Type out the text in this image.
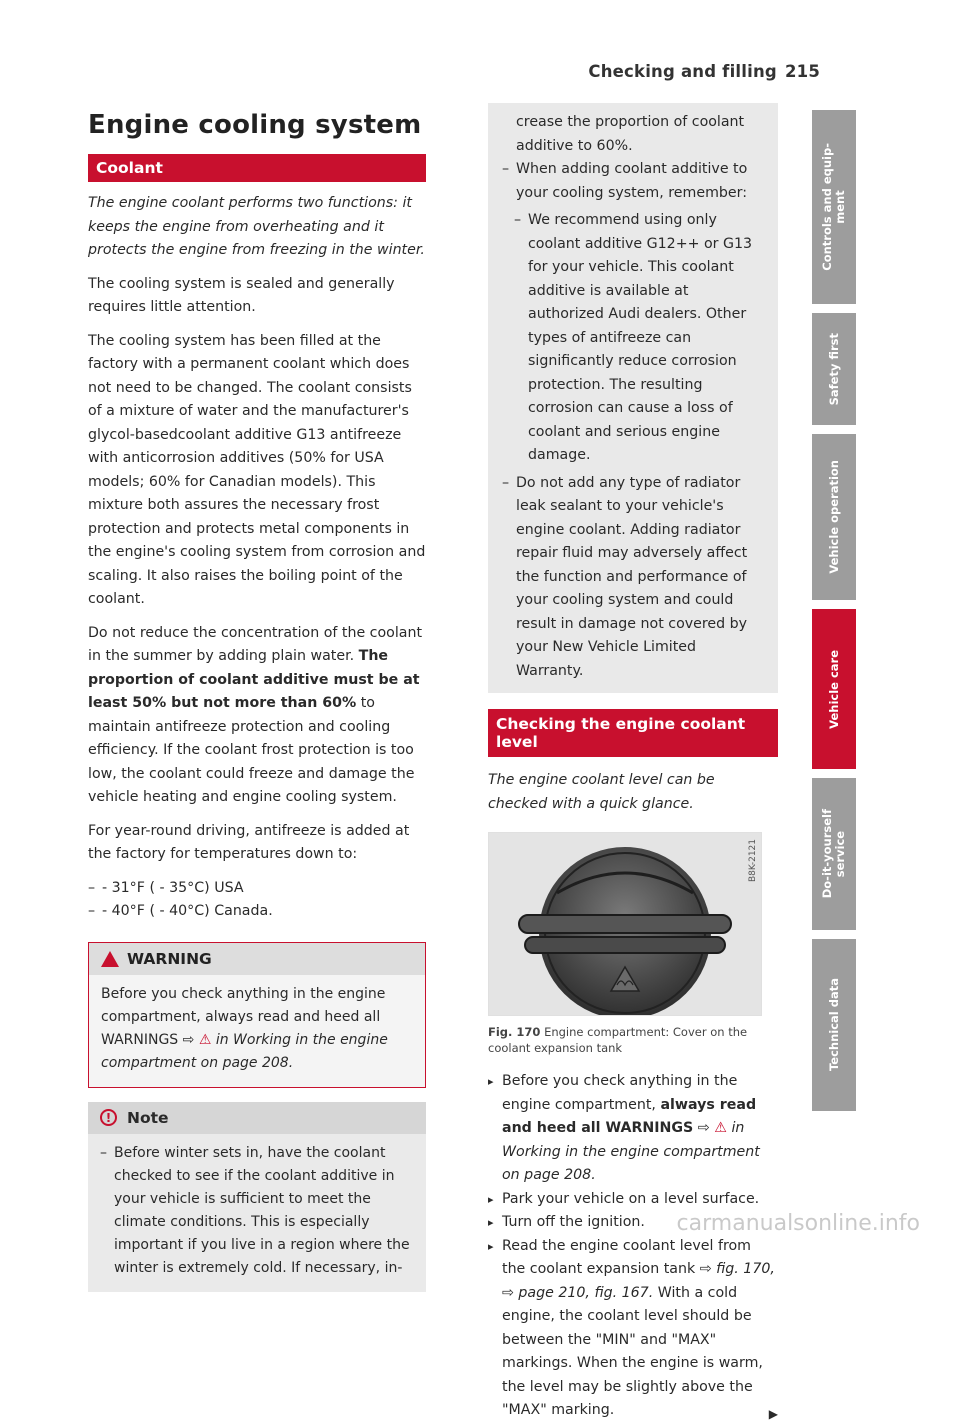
Checking and filling 215
Engine cooling system
Coolant

The engine coolant performs two functions: it keeps the engine from overheating and it protects the engine from freezing in the winter.

The cooling system is sealed and generally requires little attention.

The cooling system has been filled at the factory with a permanent coolant which does not need to be changed. The coolant consists of a mixture of water and the manufacturer's glycol-basedcoolant additive G13 antifreeze with anticorrosion additives (50% for USA models; 60% for Canadian models). This mixture both assures the necessary frost protection and protects metal components in the engine's cooling system from corrosion and scaling. It also raises the boiling point of the coolant.

Do not reduce the concentration of the coolant in the summer by adding plain water. The proportion of coolant additive must be at least 50% but not more than 60% to maintain antifreeze protection and cooling efficiency. If the coolant frost protection is too low, the coolant could freeze and damage the vehicle heating and engine cooling system.

For year-round driving, antifreeze is added at the factory for temperatures down to:

– - 31°F ( - 35°C) USA

– - 40°F ( - 40°C) Canada.

WARNING
Before you check anything in the engine compartment, always read and heed all WARNINGS ⇨ ⚠ in Working in the engine compartment on page 208.
!	Note

– Before winter sets in, have the coolant checked to see if the coolant additive in your vehicle is sufficient to meet the climate conditions. This is especially important if you live in a region where the winter is extremely cold. If necessary, in-

crease the proportion of coolant additive to 60%.

– When adding coolant additive to your cooling system, remember:

– We recommend using only coolant additive G12++ or G13 for your vehicle. This coolant additive is available at authorized Audi dealers. Other types of antifreeze can significantly reduce corrosion protection. The resulting corrosion can cause a loss of coolant and serious engine damage.

– Do not add any type of radiator leak sealant to your vehicle's engine coolant. Adding radiator repair fluid may adversely affect the function and performance of your cooling system and could result in damage not covered by your New Vehicle Limited Warranty.

Checking the engine coolant level

The engine coolant level can be checked with a quick glance.

B8K-2121
Fig. 170 Engine compartment: Cover on the coolant expansion tank

▸ Before you check anything in the engine compartment, always read and heed all WARNINGS ⇨ ⚠ in Working in the engine compartment on page 208.

▸ Park your vehicle on a level surface.

▸ Turn off the ignition.

▸ Read the engine coolant level from the coolant expansion tank ⇨ fig. 170, ⇨ page 210, fig. 167. With a cold engine, the coolant level should be between the "MIN" and "MAX" markings. When the engine is warm, the level may be slightly above the "MAX" marking.	▶

Controls and equip-
ment
Safety first
Vehicle operation
Vehicle care
Do-it-yourself
service
Technical data
carmanualsonline.info
